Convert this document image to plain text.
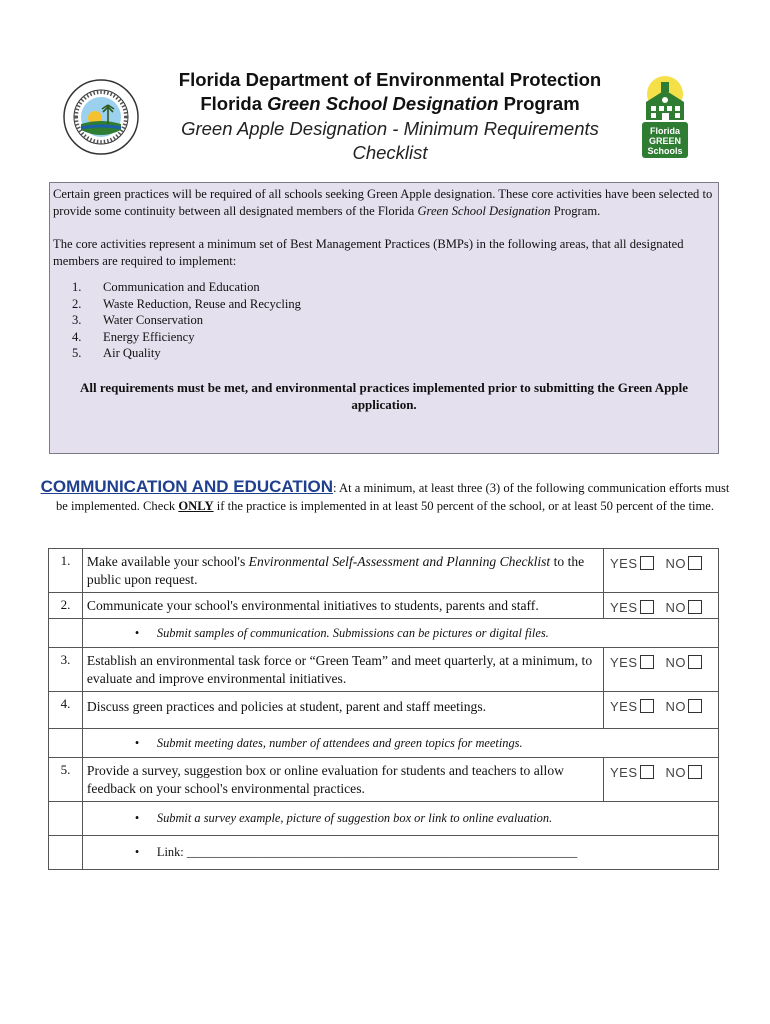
Florida Department of Environmental Protection
Florida Green School Designation Program
Green Apple Designation - Minimum Requirements
Checklist
Florida
GREEN
Schools

Certain green practices will be required of all schools seeking Green Apple designation. These core activities have been selected to provide some continuity between all designated members of the Florida Green School Designation Program.

The core activities represent a minimum set of Best Management Practices (BMPs) in the following areas, that all designated members are required to implement:

1.	Communication and Education
2.	Waste Reduction, Reuse and Recycling
3.	Water Conservation
4.	Energy Efficiency
5.	Air Quality

All requirements must be met, and environmental practices implemented prior to submitting the Green Apple application.

COMMUNICATION AND EDUCATION: At a minimum, at least three (3) of the following communication efforts must be implemented. Check ONLY if the practice is implemented in at least 50 percent of the school, or at least 50 percent of the time.
1.	Make available your school's Environmental Self-Assessment and Planning Checklist to the public upon request.	YES NO
2.	Communicate your school's environmental initiatives to students, parents and staff.	YES NO
	• Submit samples of communication. Submissions can be pictures or digital files.	
3.	Establish an environmental task force or “Green Team” and meet quarterly, at a minimum, to evaluate and improve environmental initiatives.	YES NO
4.	Discuss green practices and policies at student, parent and staff meetings.	YES NO
	• Submit meeting dates, number of attendees and green topics for meetings.	
5.	Provide a survey, suggestion box or online evaluation for students and teachers to allow feedback on your school's environmental practices.	YES NO
	• Submit a survey example, picture of suggestion box or link to online evaluation.	
	• Link: _______________________________________________________________	
